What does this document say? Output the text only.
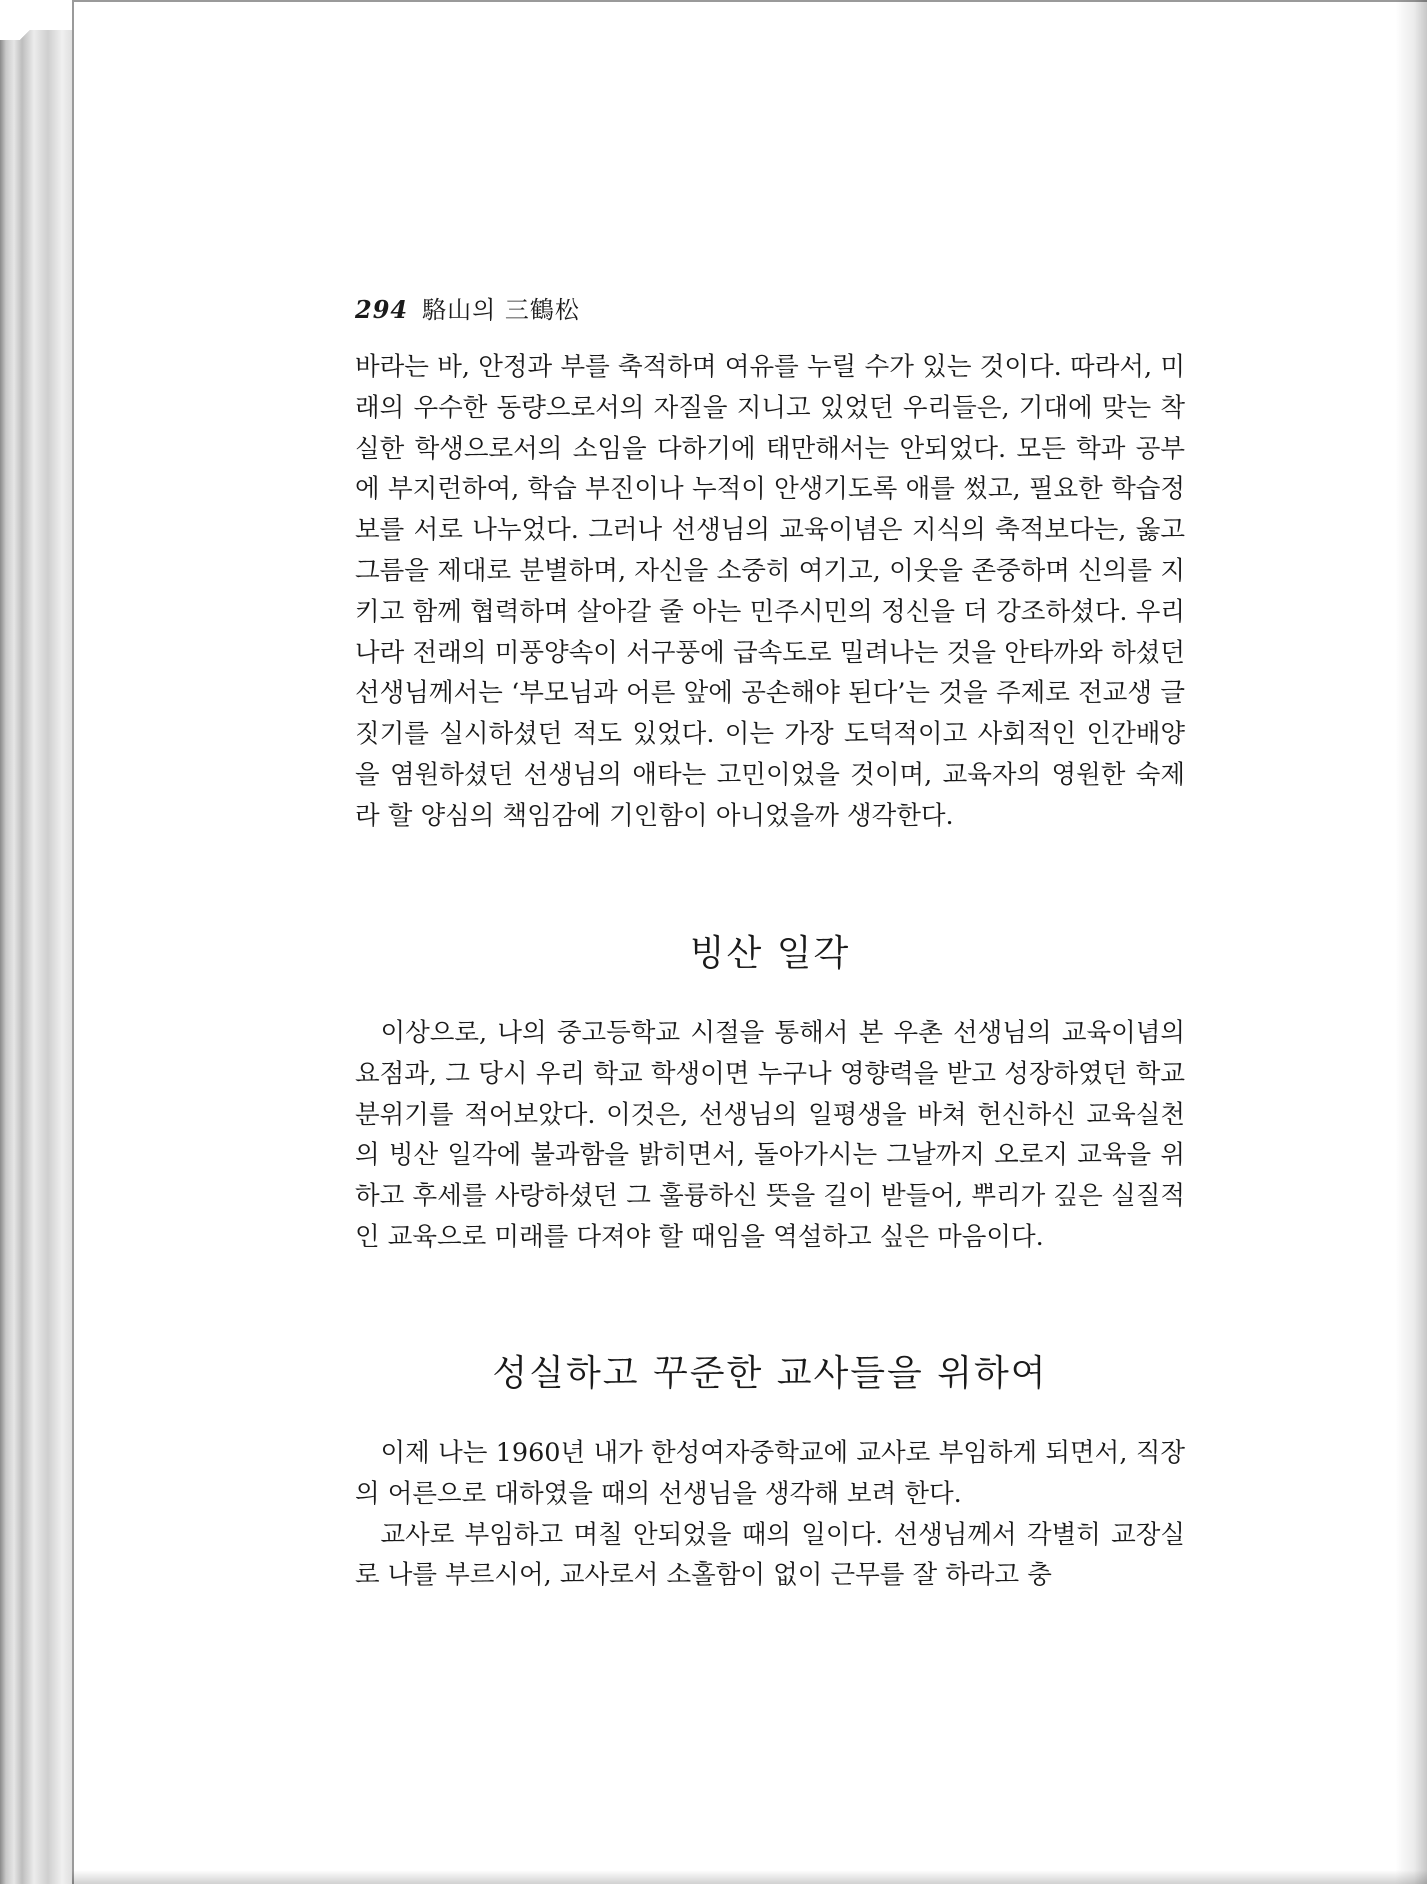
294 駱山의 三鶴松

바라는 바, 안정과 부를 축적하며 여유를 누릴 수가 있는 것이다. 따라서, 미래의 우수한 동량으로서의 자질을 지니고 있었던 우리들은, 기대에 맞는 착실한 학생으로서의 소임을 다하기에 태만해서는 안되었다. 모든 학과 공부에 부지런하여, 학습 부진이나 누적이 안생기도록 애를 썼고, 필요한 학습정보를 서로 나누었다. 그러나 선생님의 교육이념은 지식의 축적보다는, 옳고 그름을 제대로 분별하며, 자신을 소중히 여기고, 이웃을 존중하며 신의를 지키고 함께 협력하며 살아갈 줄 아는 민주시민의 정신을 더 강조하셨다. 우리나라 전래의 미풍양속이 서구풍에 급속도로 밀려나는 것을 안타까와 하셨던 선생님께서는 ‘부모님과 어른 앞에 공손해야 된다’는 것을 주제로 전교생 글짓기를 실시하셨던 적도 있었다. 이는 가장 도덕적이고 사회적인 인간배양을 염원하셨던 선생님의 애타는 고민이었을 것이며, 교육자의 영원한 숙제라 할 양심의 책임감에 기인함이 아니었을까 생각한다.

빙산 일각

이상으로, 나의 중고등학교 시절을 통해서 본 우촌 선생님의 교육이념의 요점과, 그 당시 우리 학교 학생이면 누구나 영향력을 받고 성장하였던 학교 분위기를 적어보았다. 이것은, 선생님의 일평생을 바쳐 헌신하신 교육실천의 빙산 일각에 불과함을 밝히면서, 돌아가시는 그날까지 오로지 교육을 위하고 후세를 사랑하셨던 그 훌륭하신 뜻을 길이 받들어, 뿌리가 깊은 실질적인 교육으로 미래를 다져야 할 때임을 역설하고 싶은 마음이다.

성실하고 꾸준한 교사들을 위하여

이제 나는 1960년 내가 한성여자중학교에 교사로 부임하게 되면서, 직장의 어른으로 대하였을 때의 선생님을 생각해 보려 한다.

교사로 부임하고 며칠 안되었을 때의 일이다. 선생님께서 각별히 교장실로 나를 부르시어, 교사로서 소홀함이 없이 근무를 잘 하라고 충
